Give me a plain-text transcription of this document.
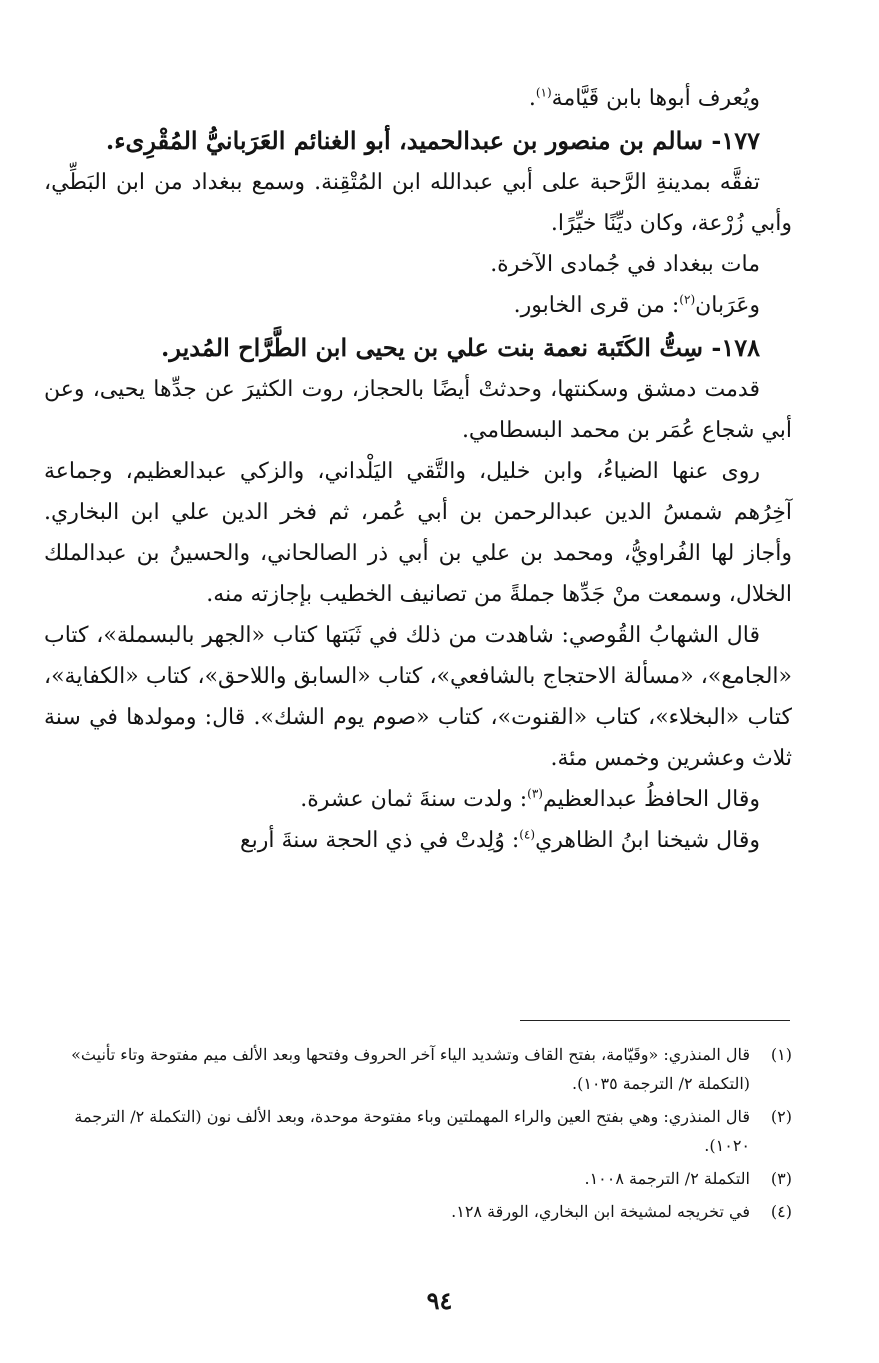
ويُعرف أبوها بابن قَيَّامة$^{(١)}$.

١٧٧- سالم بن منصور بن عبدالحميد، أبو الغنائم العَرَبانيُّ المُقْرِىء.

تفقَّه بمدينةِ الرَّحبة على أبي عبدالله ابن المُتْقِنة. وسمع ببغداد من ابن البَطِّي، وأبي زُرْعة، وكان ديِّنًا خيِّرًا.

مات ببغداد في جُمادى الآخرة.

وعَرَبان$^{(٢)}$: من قرى الخابور.

١٧٨- سِتُّ الكَتَبة نعمة بنت علي بن يحيى ابن الطَّرَّاح المُدير.

قدمت دمشق وسكنتها، وحدثتْ أيضًا بالحجاز، روت الكثيرَ عن جدِّها يحيى، وعن أبي شجاع عُمَر بن محمد البسطامي.

روى عنها الضياءُ، وابن خليل، والتَّقي اليَلْداني، والزكي عبدالعظيم، وجماعة آخِرُهم شمسُ الدين عبدالرحمن بن أبي عُمر، ثم فخر الدين علي ابن البخاري. وأجاز لها الفُراويُّ، ومحمد بن علي بن أبي ذر الصالحاني، والحسينُ بن عبدالملك الخلال، وسمعت منْ جَدِّها جملةً من تصانيف الخطيب بإجازته منه.

قال الشهابُ القُوصي: شاهدت من ذلك في ثَبَتها كتاب «الجهر بالبسملة»، كتاب «الجامع»، «مسألة الاحتجاج بالشافعي»، كتاب «السابق واللاحق»، كتاب «الكفاية»، كتاب «البخلاء»، كتاب «القنوت»، كتاب «صوم يوم الشك». قال: ومولدها في سنة ثلاث وعشرين وخمس مئة.

وقال الحافظُ عبدالعظيم$^{(٣)}$: ولدت سنةَ ثمان عشرة.

وقال شيخنا ابنُ الظاهري$^{(٤)}$: وُلِدتْ في ذي الحجة سنةَ أربع

(١)
قال المنذري: «وقَيّامة، بفتح القاف وتشديد الياء آخر الحروف وفتحها وبعد الألف ميم مفتوحة وتاء تأنيث» (التكملة ٢/ الترجمة ١٠٣٥).
(٢)
قال المنذري: وهي بفتح العين والراء المهملتين وباء مفتوحة موحدة، وبعد الألف نون (التكملة ٢/ الترجمة ١٠٢٠).
(٣)
التكملة ٢/ الترجمة ١٠٠٨.
(٤)
في تخريجه لمشيخة ابن البخاري، الورقة ١٢٨.
٩٤
